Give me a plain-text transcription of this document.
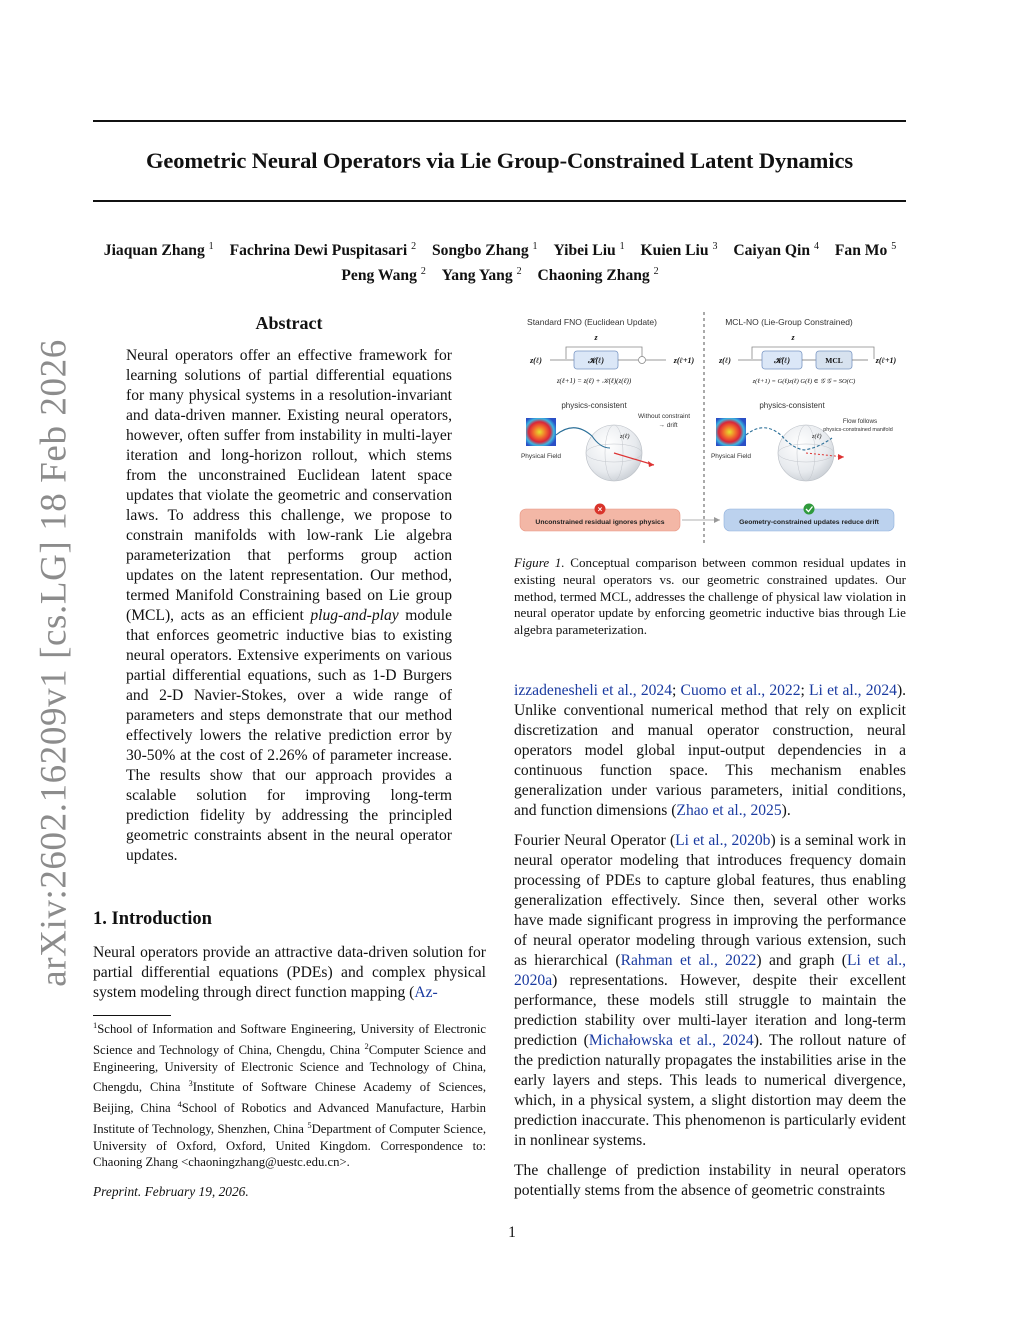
Geometric Neural Operators via Lie Group-Constrained Latent Dynamics
Jiaquan Zhang $^1$ Fachrina Dewi Puspitasari $^2$ Songbo Zhang $^1$ Yibei Liu $^1$ Kuien Liu $^3$ Caiyan Qin $^4$ Fan Mo $^5$
Peng Wang $^2$ Yang Yang $^2$ Chaoning Zhang $^2$
arXiv:2602.16209v1 [cs.LG] 18 Feb 2026
Abstract
Neural operators offer an effective framework for learning solutions of partial differential equations for many physical systems in a resolution-invariant and data-driven manner. Existing neural operators, however, often suffer from instability in multi-layer iteration and long-horizon rollout, which stems from the unconstrained Euclidean latent space updates that violate the geometric and conservation laws. To address this challenge, we propose to constrain manifolds with low-rank Lie algebra parameterization that performs group action updates on the latent representation. Our method, termed Manifold Constraining based on Lie group (MCL), acts as an efficient plug-and-play module that enforces geometric inductive bias to existing neural operators. Extensive experiments on various partial differential equations, such as 1-D Burgers and 2-D Navier-Stokes, over a wide range of parameters and steps demonstrate that our method effectively lowers the relative prediction error by 30-50% at the cost of 2.26% of parameter increase. The results show that our approach provides a scalable solution for improving long-term prediction fidelity by addressing the principled geometric constraints absent in the neural operator updates.
1. Introduction
Neural operators provide an attractive data-driven solution for partial differential equations (PDEs) and complex physical system modeling through direct function mapping (Az-
$^1$School of Information and Software Engineering, University of Electronic Science and Technology of China, Chengdu, China $^2$Computer Science and Engineering, University of Electronic Science and Technology of China, Chengdu, China $^3$Institute of Software Chinese Academy of Sciences, Beijing, China $^4$School of Robotics and Advanced Manufacture, Harbin Institute of Technology, Shenzhen, China $^5$Department of Computer Science, University of Oxford, Oxford, United Kingdom. Correspondence to: Chaoning Zhang <chaoningzhang@uestc.edu.cn>.
Preprint. February 19, 2026.
Standard FNO (Euclidean Update)
z
z(ℓ)	𝒦(ℓ)	z(ℓ+1)
z(ℓ+1) = z(ℓ) + 𝒦(ℓ)(z(ℓ))
physics-consistent
Physical Field
z(ℓ)
Without constraint
→ drift
×
Unconstrained residual ignores physics
MCL-NO (Lie-Group Constrained)
z
z(ℓ)	𝒦(ℓ)	MCL	z(ℓ+1)
z(ℓ+1) = G(ℓ)z(ℓ) G(ℓ) ∈ 𝒢 𝒢 = SO(C)
physics-consistent
Physical Field
z(ℓ)
Flow follows
physics-constrained manifold
Geometry-constrained updates reduce drift
Figure 1. Conceptual comparison between common residual updates in existing neural operators vs. our geometric constrained updates. Our method, termed MCL, addresses the challenge of physical law violation in neural operator update by enforcing geometric inductive bias through Lie algebra parameterization.
izzadenesheli et al., 2024; Cuomo et al., 2022; Li et al., 2024). Unlike conventional numerical method that rely on explicit discretization and manual operator construction, neural operators model global input-output dependencies in a continuous function space. This mechanism enables generalization under various parameters, initial conditions, and function dimensions (Zhao et al., 2025).
Fourier Neural Operator (Li et al., 2020b) is a seminal work in neural operator modeling that introduces frequency domain processing of PDEs to capture global features, thus enabling generalization effectively. Since then, several other works have made significant progress in improving the performance of neural operator modeling through various extension, such as hierarchical (Rahman et al., 2022) and graph (Li et al., 2020a) representations. However, despite their excellent performance, these models still struggle to maintain the prediction stability over multi-layer iteration and long-term prediction (Michałowska et al., 2024). The rollout nature of the prediction naturally propagates the instabilities arise in the early layers and steps. This leads to numerical divergence, which, in a physical system, a slight distortion may deem the prediction inaccurate. This phenomenon is particularly evident in nonlinear systems.
The challenge of prediction instability in neural operators potentially stems from the absence of geometric constraints
1
